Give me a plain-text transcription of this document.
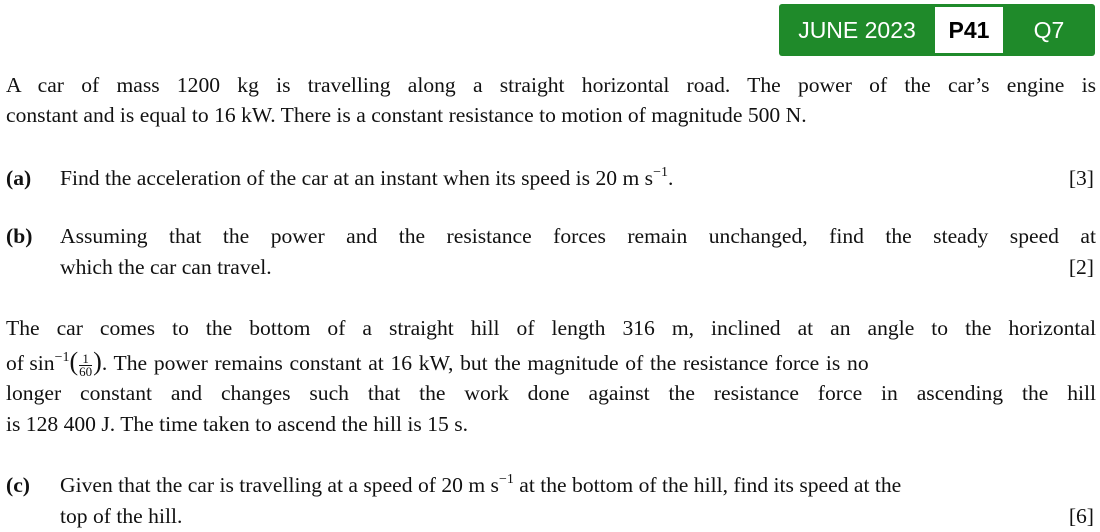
JUNE 2023	P41	Q7
A car of mass 1200 kg is travelling along a straight horizontal road. The power of the car’s engine is
constant and is equal to 16 kW. There is a constant resistance to motion of magnitude 500 N.
(a) Find the acceleration of the car at an instant when its speed is 20 m $s^{-1}$.	[3]
(b) Assuming that the power and the resistance forces remain unchanged, find the steady speed at
which the car can travel.	[2]
The car comes to the bottom of a straight hill of length 316 m, inclined at an angle to the horizontal
of $\sin^{-1}( \frac{1}{60}$ ). The power remains constant at 16 kW, but the magnitude of the resistance force is no
longer constant and changes such that the work done against the resistance force in ascending the hill
is 128 400 J. The time taken to ascend the hill is 15 s.
(c) Given that the car is travelling at a speed of 20 m $s^{-1}$ at the bottom of the hill, find its speed at the
top of the hill.	[6]
